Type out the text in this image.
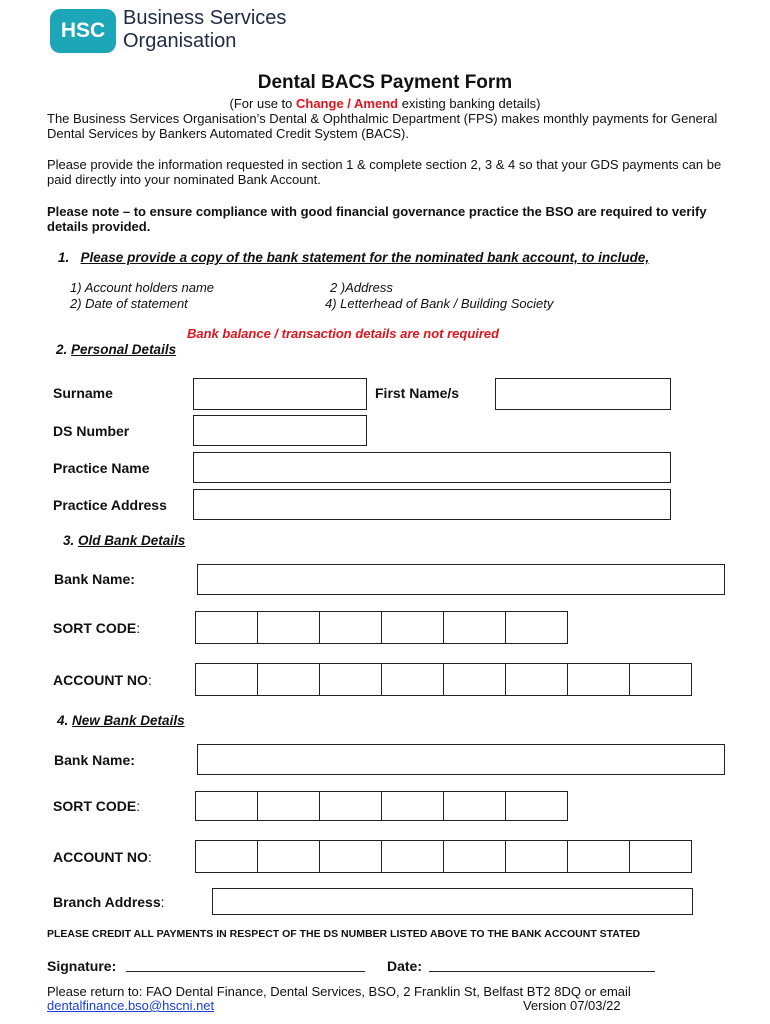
HSC
Business Services
Organisation
Dental BACS Payment Form
(For use to Change / Amend existing banking details)
The Business Services Organisation’s Dental & Ophthalmic Department (FPS) makes monthly payments for General Dental Services by Bankers Automated Credit System (BACS).
Please provide the information requested in section 1 & complete section 2, 3 & 4 so that your GDS payments can be paid directly into your nominated Bank Account.
Please note – to ensure compliance with good financial governance practice the BSO are required to verify details provided.
1. Please provide a copy of the bank statement for the nominated bank account, to include,
1) Account holders name
2) Date of statement
2 )Address
4) Letterhead of Bank / Building Society
Bank balance / transaction details are not required
2. Personal Details
Surname	First Name/s
DS Number
Practice Name
Practice Address
3. Old Bank Details
Bank Name:
SORT CODE:
ACCOUNT NO:
4. New Bank Details
Bank Name:
SORT CODE:
ACCOUNT NO:
Branch Address:
PLEASE CREDIT ALL PAYMENTS IN RESPECT OF THE DS NUMBER LISTED ABOVE TO THE BANK ACCOUNT STATED
Signature:	Date:
Please return to: FAO Dental Finance, Dental Services, BSO, 2 Franklin St, Belfast BT2 8DQ or email
dentalfinance.bso@hscni.net	Version 07/03/22
